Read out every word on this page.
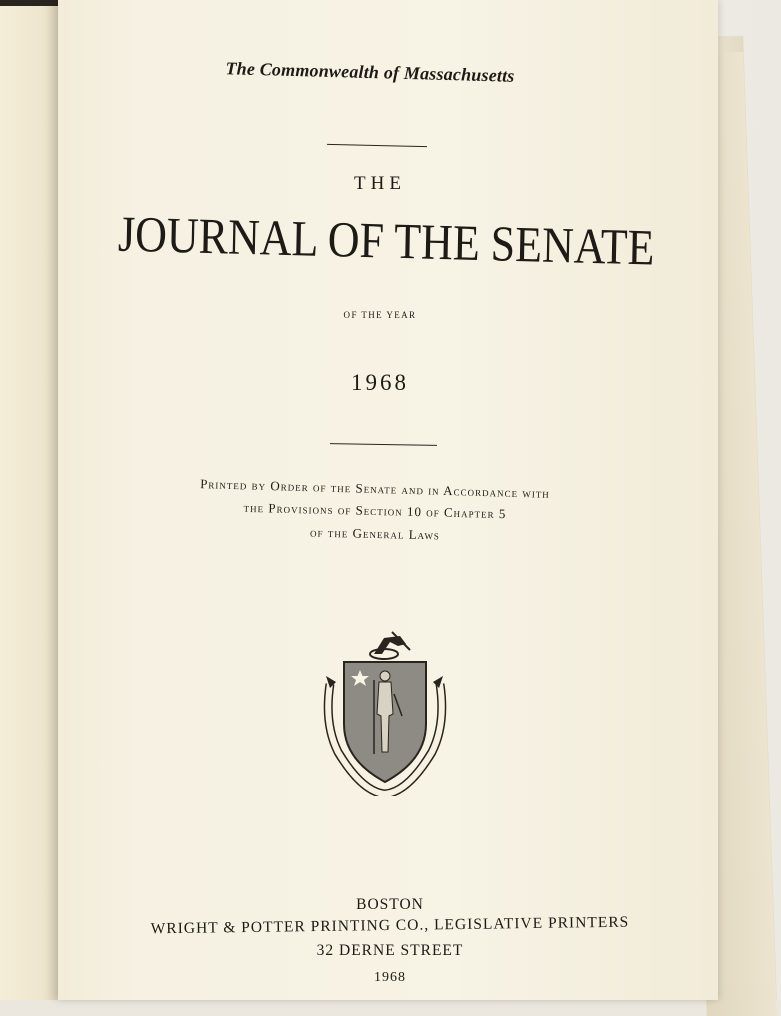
The Commonwealth of Massachusetts
THE
JOURNAL OF THE SENATE
OF THE YEAR
1968
Printed by Order of the Senate and in Accordance with
the Provisions of Section 10 of Chapter 5
of the General Laws
BOSTON
WRIGHT & POTTER PRINTING CO., LEGISLATIVE PRINTERS
32 DERNE STREET
1968
